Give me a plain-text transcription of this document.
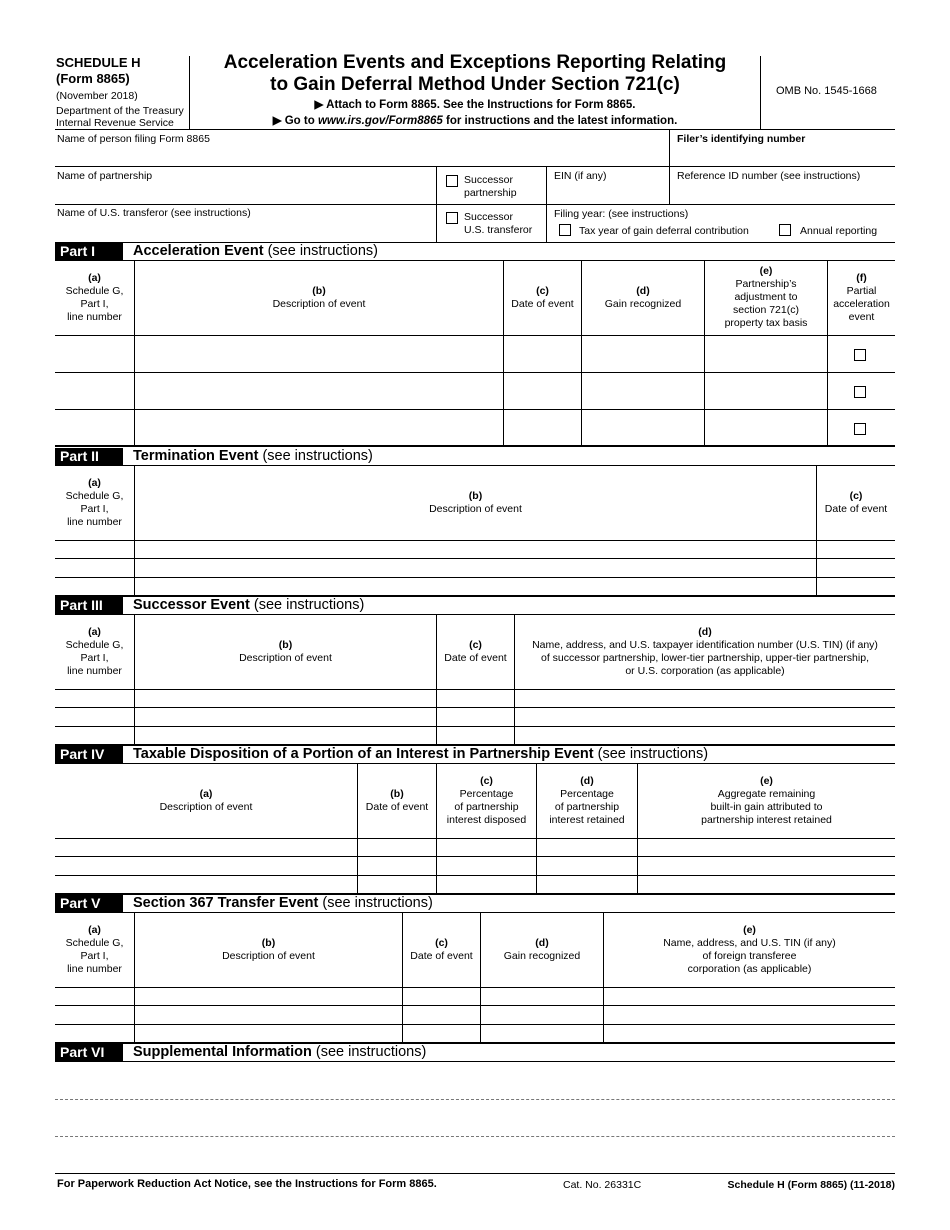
SCHEDULE H
(Form 8865)
(November 2018)
Department of the Treasury
Internal Revenue Service
Acceleration Events and Exceptions Reporting Relating
to Gain Deferral Method Under Section 721(c)
▶ Attach to Form 8865. See the Instructions for Form 8865.
▶ Go to www.irs.gov/Form8865 for instructions and the latest information.
OMB No. 1545-1668
Name of person filing Form 8865	Filer’s identifying number
Name of partnership	Successor
partnership
EIN (if any)	Reference ID number (see instructions)
Name of U.S. transferor (see instructions)	Successor
U.S. transferor
Filing year: (see instructions)
Tax year of gain deferral contribution	Annual reporting
Part I	Acceleration Event (see instructions)
(a)
Schedule G,
Part I,
line number
(b)
Description of event
(c)
Date of event
(d)
Gain recognized
(e)
Partnership’s
adjustment to
section 721(c)
property tax basis
(f)
Partial
acceleration
event
Part II	Termination Event (see instructions)
(a)
Schedule G,
Part I,
line number
(b)
Description of event
(c)
Date of event
Part III	Successor Event (see instructions)
(a)
Schedule G,
Part I,
line number
(b)
Description of event
(c)
Date of event
(d)
Name, address, and U.S. taxpayer identification number (U.S. TIN) (if any)
of successor partnership, lower-tier partnership, upper-tier partnership,
or U.S. corporation (as applicable)
Part IV	Taxable Disposition of a Portion of an Interest in Partnership Event (see instructions)
(a)
Description of event
(b)
Date of event
(c)
Percentage
of partnership
interest disposed
(d)
Percentage
of partnership
interest retained
(e)
Aggregate remaining
built-in gain attributed to
partnership interest retained
Part V	Section 367 Transfer Event (see instructions)
(a)
Schedule G,
Part I,
line number
(b)
Description of event
(c)
Date of event
(d)
Gain recognized
(e)
Name, address, and U.S. TIN (if any)
of foreign transferee
corporation (as applicable)
Part VI	Supplemental Information (see instructions)
For Paperwork Reduction Act Notice, see the Instructions for Form 8865.	Cat. No. 26331C	Schedule H (Form 8865) (11-2018)
